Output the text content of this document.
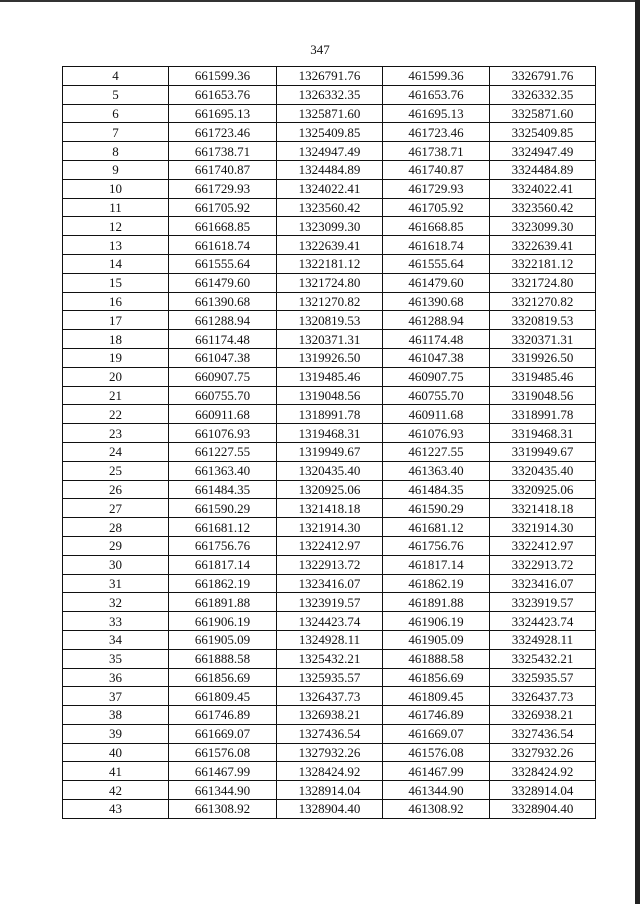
347
4	661599.36	1326791.76	461599.36	3326791.76
5	661653.76	1326332.35	461653.76	3326332.35
6	661695.13	1325871.60	461695.13	3325871.60
7	661723.46	1325409.85	461723.46	3325409.85
8	661738.71	1324947.49	461738.71	3324947.49
9	661740.87	1324484.89	461740.87	3324484.89
10	661729.93	1324022.41	461729.93	3324022.41
11	661705.92	1323560.42	461705.92	3323560.42
12	661668.85	1323099.30	461668.85	3323099.30
13	661618.74	1322639.41	461618.74	3322639.41
14	661555.64	1322181.12	461555.64	3322181.12
15	661479.60	1321724.80	461479.60	3321724.80
16	661390.68	1321270.82	461390.68	3321270.82
17	661288.94	1320819.53	461288.94	3320819.53
18	661174.48	1320371.31	461174.48	3320371.31
19	661047.38	1319926.50	461047.38	3319926.50
20	660907.75	1319485.46	460907.75	3319485.46
21	660755.70	1319048.56	460755.70	3319048.56
22	660911.68	1318991.78	460911.68	3318991.78
23	661076.93	1319468.31	461076.93	3319468.31
24	661227.55	1319949.67	461227.55	3319949.67
25	661363.40	1320435.40	461363.40	3320435.40
26	661484.35	1320925.06	461484.35	3320925.06
27	661590.29	1321418.18	461590.29	3321418.18
28	661681.12	1321914.30	461681.12	3321914.30
29	661756.76	1322412.97	461756.76	3322412.97
30	661817.14	1322913.72	461817.14	3322913.72
31	661862.19	1323416.07	461862.19	3323416.07
32	661891.88	1323919.57	461891.88	3323919.57
33	661906.19	1324423.74	461906.19	3324423.74
34	661905.09	1324928.11	461905.09	3324928.11
35	661888.58	1325432.21	461888.58	3325432.21
36	661856.69	1325935.57	461856.69	3325935.57
37	661809.45	1326437.73	461809.45	3326437.73
38	661746.89	1326938.21	461746.89	3326938.21
39	661669.07	1327436.54	461669.07	3327436.54
40	661576.08	1327932.26	461576.08	3327932.26
41	661467.99	1328424.92	461467.99	3328424.92
42	661344.90	1328914.04	461344.90	3328914.04
43	661308.92	1328904.40	461308.92	3328904.40
